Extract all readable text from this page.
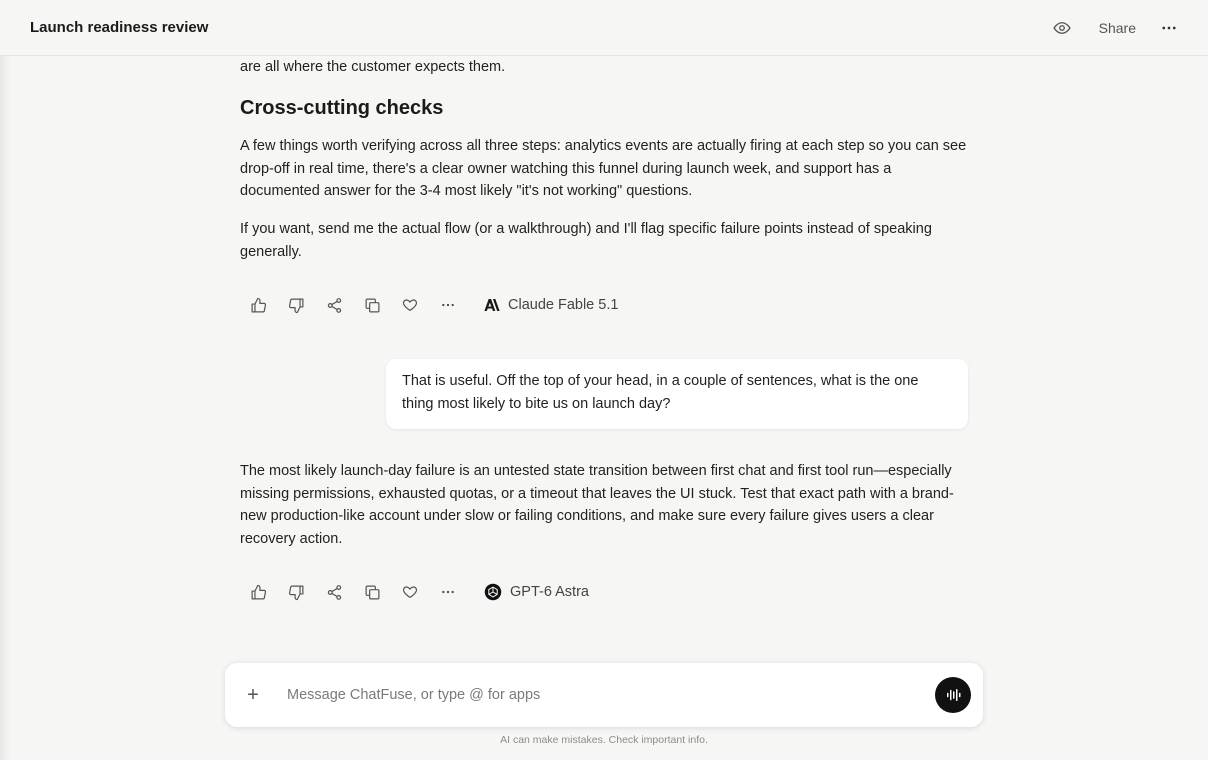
Launch readiness review	Share

are all where the customer expects them.

Cross-cutting checks

A few things worth verifying across all three steps: analytics events are actually firing at each step so you can see drop-off in real time, there's a clear owner watching this funnel during launch week, and support has a documented answer for the 3-4 most likely "it's not working" questions.

If you want, send me the actual flow (or a walkthrough) and I'll flag specific failure points instead of speaking generally.

Claude Fable 5.1
That is useful. Off the top of your head, in a couple of sentences, what is the one thing most likely to bite us on launch day?

The most likely launch-day failure is an untested state transition between first chat and first tool run—especially missing permissions, exhausted quotas, or a timeout that leaves the UI stuck. Test that exact path with a brand-new production-like account under slow or failing conditions, and make sure every failure gives users a clear recovery action.

GPT-6 Astra
+
Message ChatFuse, or type @ for apps
AI can make mistakes. Check important info.
